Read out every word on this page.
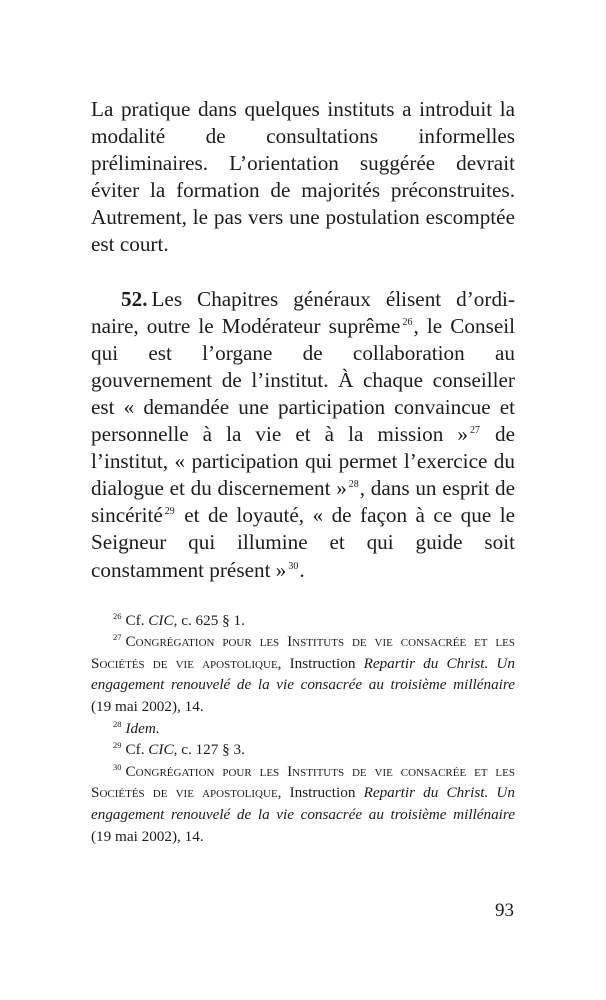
La pratique dans quelques instituts a introduit la modalité de consultations informelles préliminaires. L’orientation suggérée devrait éviter la formation de majorités préconstruites. Autrement, le pas vers une postulation escomptée est court.

52. Les Chapitres généraux élisent d’ordinaire, outre le Modérateur suprême $^{26}$, le Conseil qui est l’organe de collaboration au gouvernement de l’institut. À chaque conseiller est « demandée une participation convaincue et personnelle à la vie et à la mission » $^{27}$ de l’institut, « participation qui permet l’exercice du dialogue et du discernement » $^{28}$, dans un esprit de sincérité $^{29}$ et de loyauté, « de façon à ce que le Seigneur qui illumine et qui guide soit constamment présent » $^{30}$.

$^{26}$ Cf. CIC, c. 625 § 1.

$^{27}$ Congrégation pour les Instituts de vie consacrée et les Sociétés de vie apostolique, Instruction Repartir du Christ. Un engagement renouvelé de la vie consacrée au troisième millénaire (19 mai 2002), 14.

$^{28}$ Idem.

$^{29}$ Cf. CIC, c. 127 § 3.

$^{30}$ Congrégation pour les Instituts de vie consacrée et les Sociétés de vie apostolique, Instruction Repartir du Christ. Un engagement renouvelé de la vie consacrée au troisième millénaire (19 mai 2002), 14.

93
